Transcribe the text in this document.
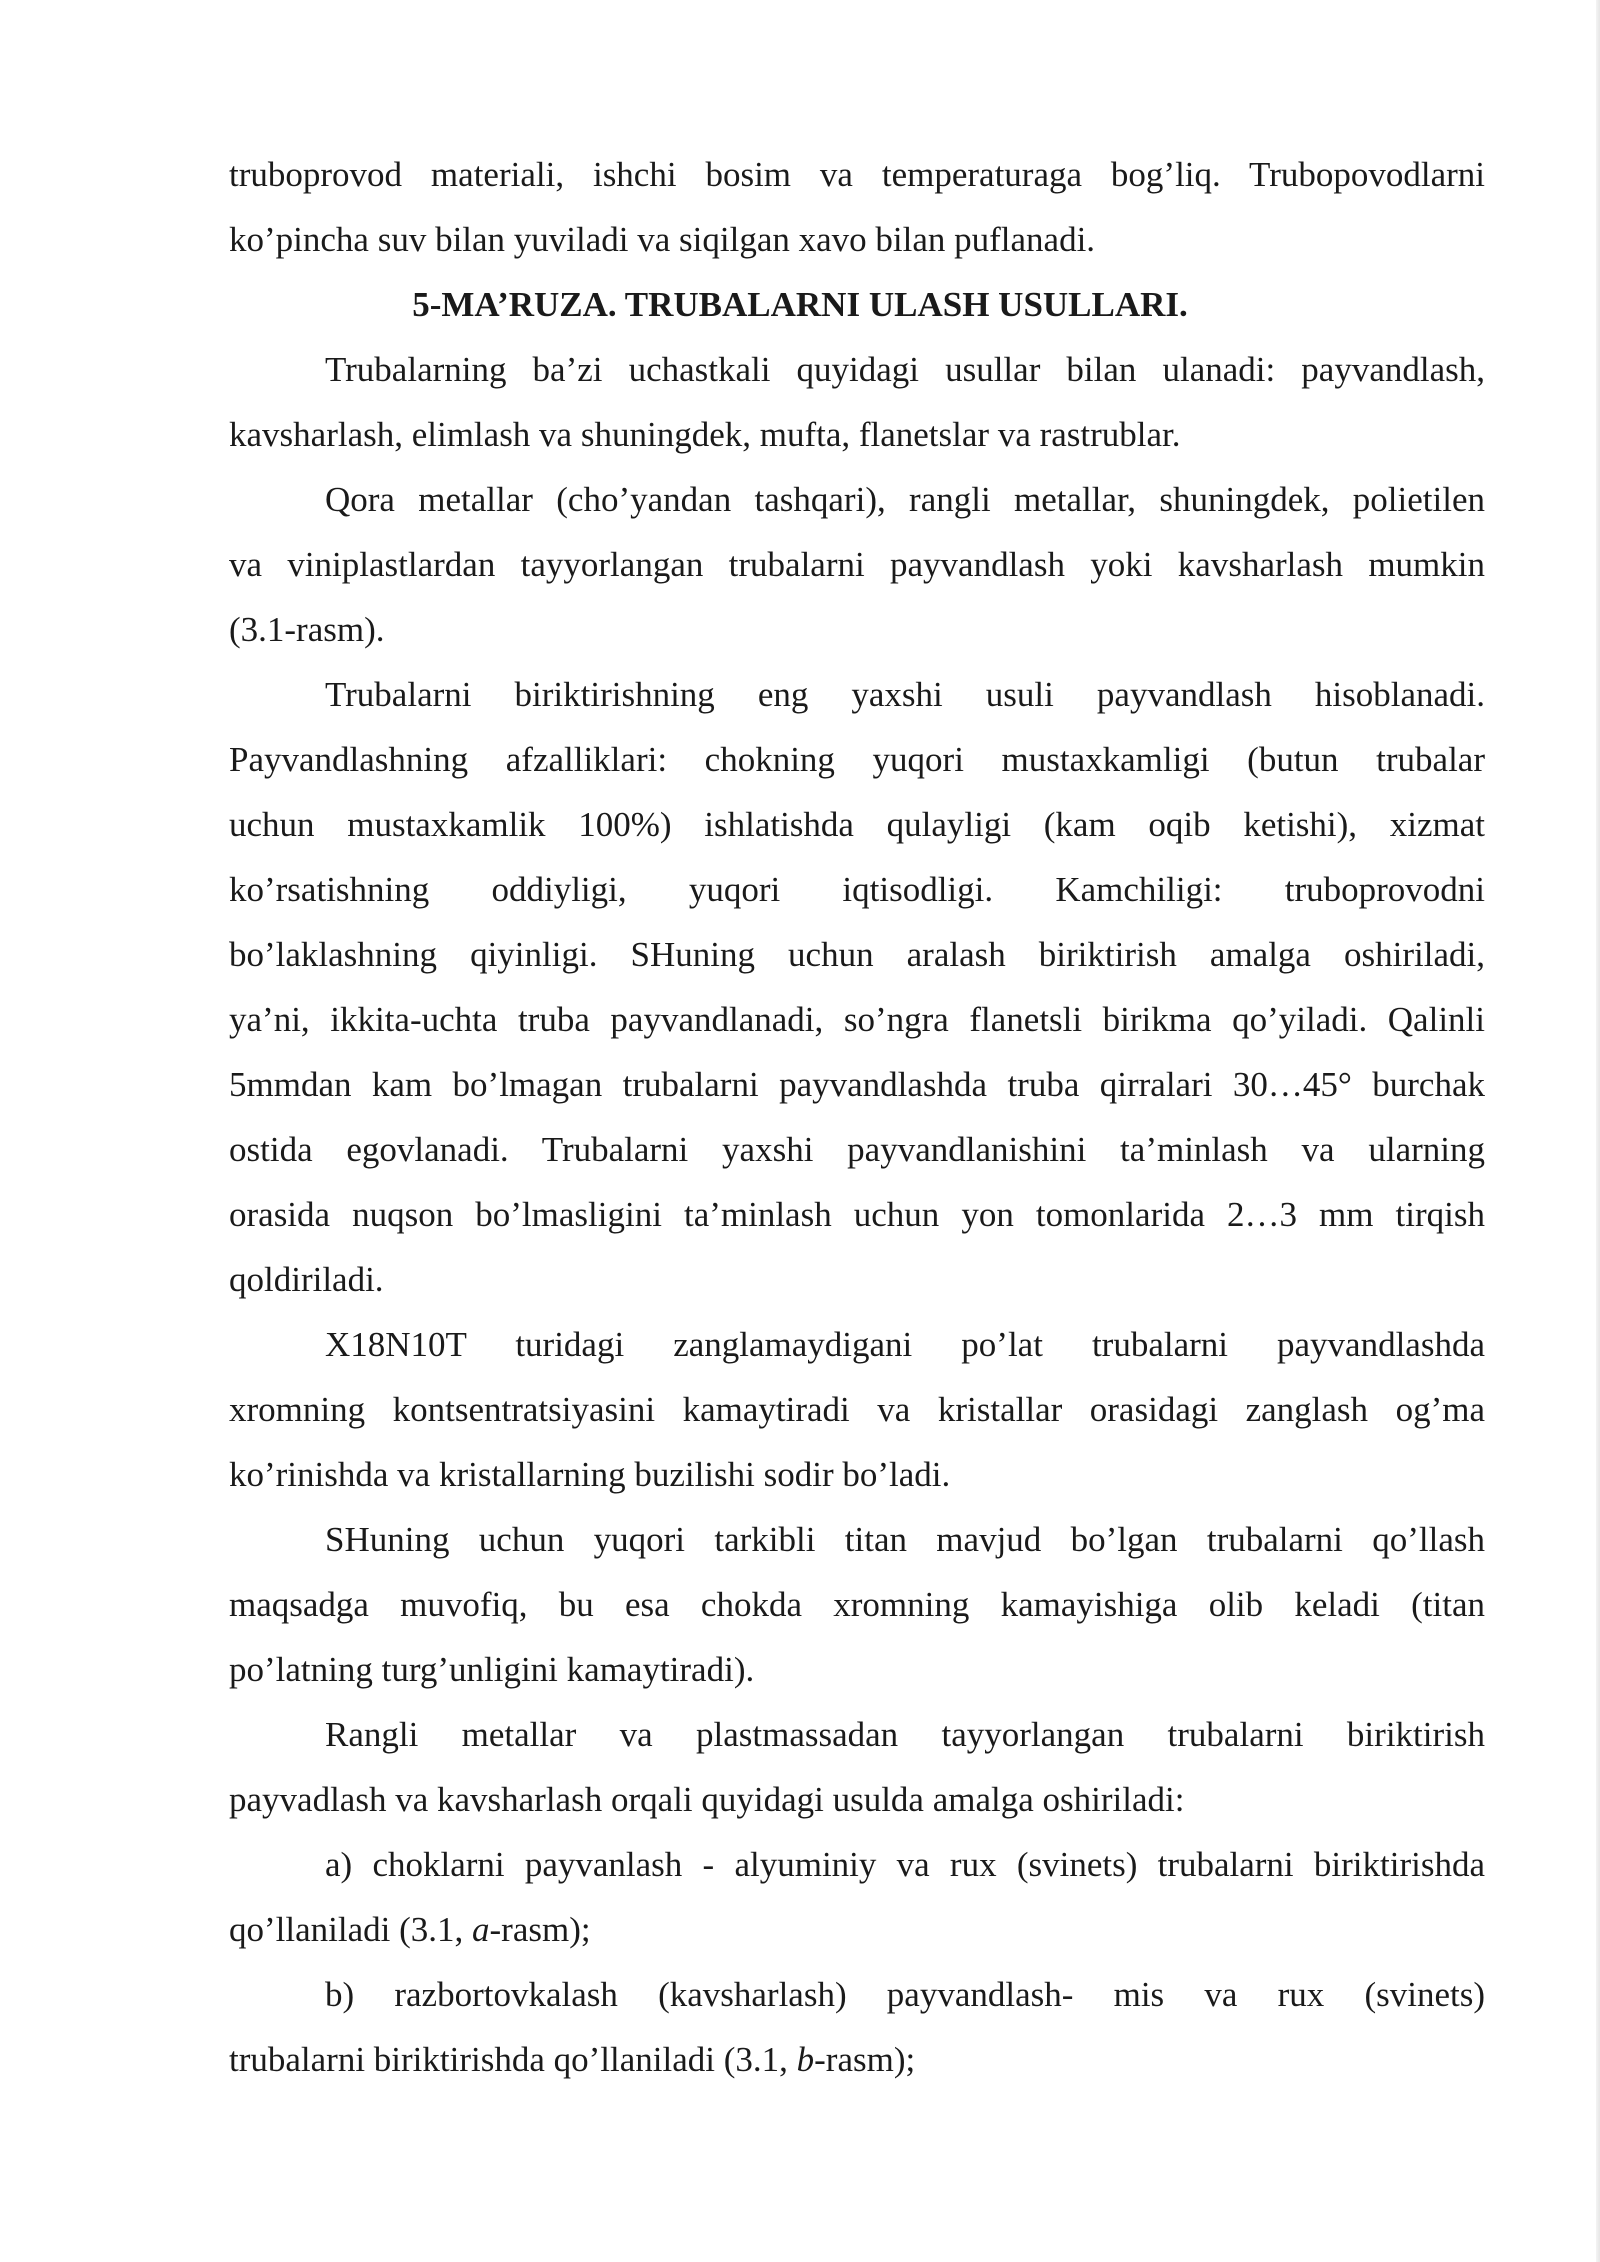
truboprovod materiali, ishchi bosim va temperaturaga bog’liq. Trubopovodlarni
ko’pincha suv bilan yuviladi va siqilgan xavo bilan puflanadi.
5-MA’RUZA. TRUBALARNI ULASH USULLARI.
Trubalarning ba’zi uchastkali quyidagi usullar bilan ulanadi: payvandlash,
kavsharlash, elimlash va shuningdek, mufta, flanetslar va rastrublar.
Qora metallar (cho’yandan tashqari), rangli metallar, shuningdek, polietilen
va viniplastlardan tayyorlangan trubalarni payvandlash yoki kavsharlash mumkin
(3.1-rasm).
Trubalarni biriktirishning eng yaxshi usuli payvandlash hisoblanadi.
Payvandlashning afzalliklari: chokning yuqori mustaxkamligi (butun trubalar
uchun mustaxkamlik 100%) ishlatishda qulayligi (kam oqib ketishi), xizmat
ko’rsatishning oddiyligi, yuqori iqtisodligi. Kamchiligi: truboprovodni
bo’laklashning qiyinligi. SHuning uchun aralash biriktirish amalga oshiriladi,
ya’ni, ikkita-uchta truba payvandlanadi, so’ngra flanetsli birikma qo’yiladi. Qalinli
5mmdan kam bo’lmagan trubalarni payvandlashda truba qirralari 30…45° burchak
ostida egovlanadi. Trubalarni yaxshi payvandlanishini ta’minlash va ularning
orasida nuqson bo’lmasligini ta’minlash uchun yon tomonlarida 2…3 mm tirqish
qoldiriladi.
X18N10T turidagi zanglamaydigani po’lat trubalarni payvandlashda
xromning kontsentratsiyasini kamaytiradi va kristallar orasidagi zanglash og’ma
ko’rinishda va kristallarning buzilishi sodir bo’ladi.
SHuning uchun yuqori tarkibli titan mavjud bo’lgan trubalarni qo’llash
maqsadga muvofiq, bu esa chokda xromning kamayishiga olib keladi (titan
po’latning turg’unligini kamaytiradi).
Rangli metallar va plastmassadan tayyorlangan trubalarni biriktirish
payvadlash va kavsharlash orqali quyidagi usulda amalga oshiriladi:
a) choklarni payvanlash - alyuminiy va rux (svinets) trubalarni biriktirishda
qo’llaniladi (3.1, a-rasm);
b) razbortovkalash (kavsharlash) payvandlash- mis va rux (svinets)
trubalarni biriktirishda qo’llaniladi (3.1, b-rasm);
